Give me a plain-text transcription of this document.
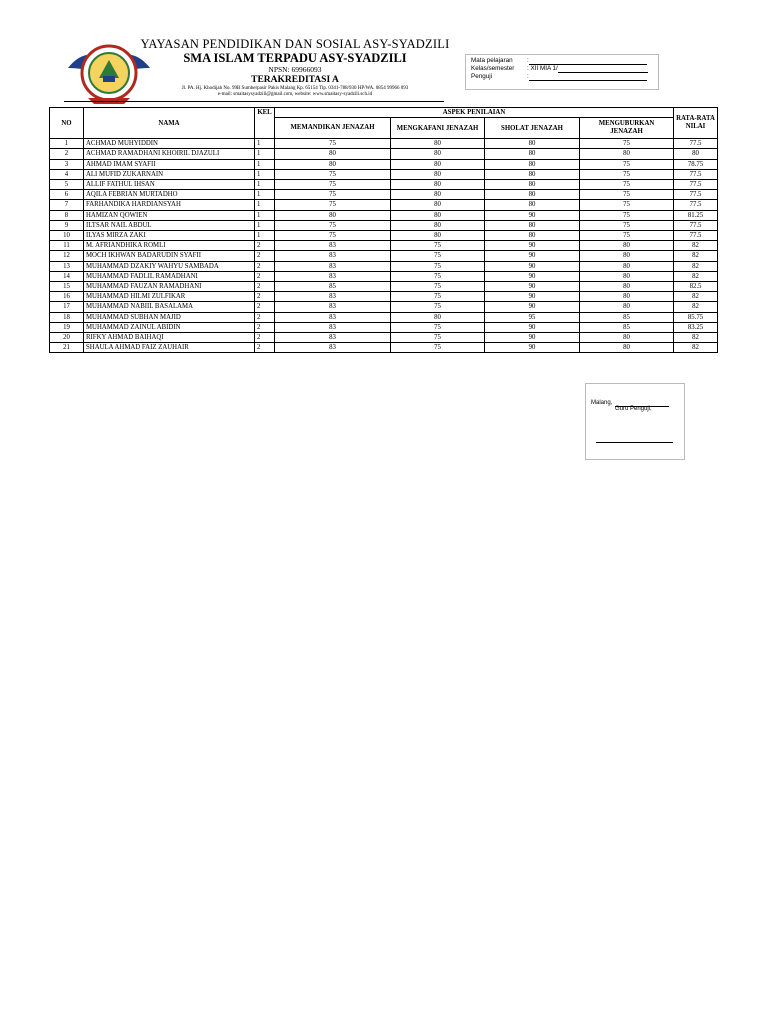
YAYASAN PENDIDIKAN DAN SOSIAL ASY-SYADZILI
SMA ISLAM TERPADU ASY-SYADZILI
NPSN: 69966093
TERAKREDITASI A
Jl. PA. Hj. Khodijah No. 99B Sumberpasir Pakis Malang Kp. 65154 Tlp. 0341-788/930 HP/WA. 0854 99966 093
e-mail: smaitasysyadzili@gmail.com, website: www.smaitasy-syadzili.sch.id
Mata pelajaran	:
Kelas/semester	: XII MIA 1/
Penguji	:
NO	NAMA	KEL	ASPEK PENILAIAN				RATA-RATA NILAI
			MEMANDIKAN JENAZAH	MENGKAFANI JENAZAH	SHOLAT JENAZAH	MENGUBURKAN JENAZAH	
1	ACHMAD MUHYIDDIN	1	75	80	80	75	77.5
2	ACHMAD RAMADHANI KHOIRIL DJAZULI	1	80	80	80	80	80
3	AHMAD IMAM SYAFII	1	80	80	80	75	78.75
4	ALI MUFID ZUKARNAIN	1	75	80	80	75	77.5
5	ALLIF FATHUL IHSAN	1	75	80	80	75	77.5
6	AQILA FEBRIAN MURTADHO	1	75	80	80	75	77.5
7	FARHANDIKA HARDIANSYAH	1	75	80	80	75	77.5
8	HAMIZAN QOWIEN	1	80	80	90	75	81.25
9	ILTSAR NAIL ABDUL	1	75	80	80	75	77.5
10	ILYAS MIRZA ZAKI	1	75	80	80	75	77.5
11	M. AFRIANDHIKA ROMLI	2	83	75	90	80	82
12	MOCH IKHWAN BADARUDIN SYAFII	2	83	75	90	80	82
13	MUHAMMAD DZAKIY WAHYU SAMBADA	2	83	75	90	80	82
14	MUHAMMAD FADLIL RAMADHANI	2	83	75	90	80	82
15	MUHAMMAD FAUZAN RAMADHANI	2	85	75	90	80	82.5
16	MUHAMMAD HILMI ZULFIKAR	2	83	75	90	80	82
17	MUHAMMAD NABIIL BASALAMA	2	83	75	90	80	82
18	MUHAMMAD SUBHAN MAJID	2	83	80	95	85	85.75
19	MUHAMMAD ZAINUL ABIDIN	2	83	75	90	85	83.25
20	RIFKY AHMAD BAIHAQI	2	83	75	90	80	82
21	SHAULA AHMAD FAIZ ZAUHAIR	2	83	75	90	80	82
Malang,
Guru Penguji,
